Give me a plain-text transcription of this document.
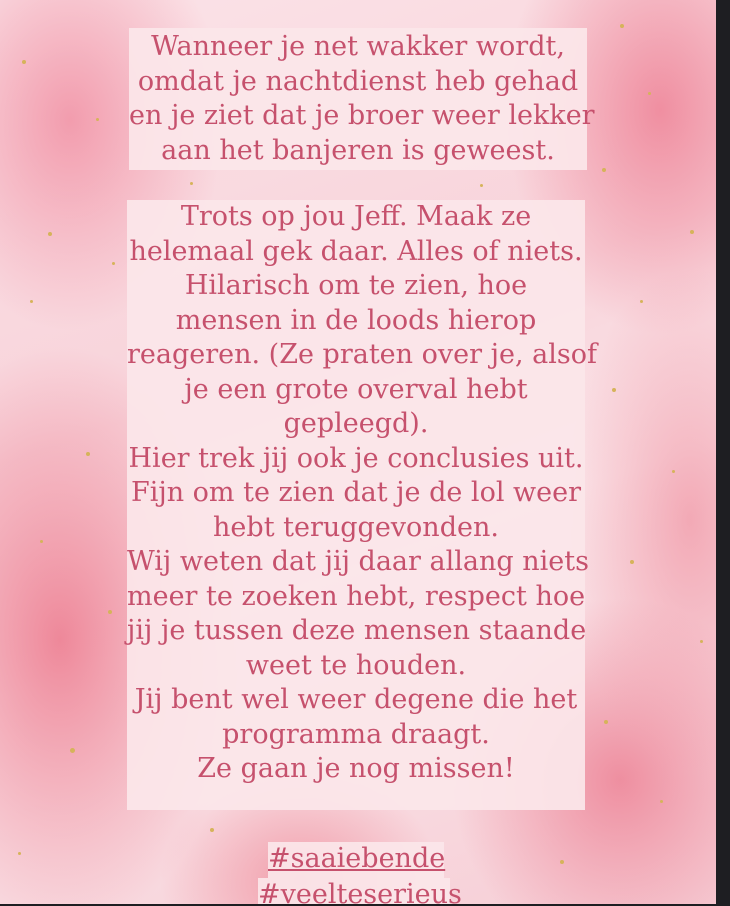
Wanneer je net wakker wordt,
omdat je nachtdienst heb gehad
en je ziet dat je broer weer lekker
aan het banjeren is geweest.
Trots op jou Jeff. Maak ze
helemaal gek daar. Alles of niets.
Hilarisch om te zien, hoe
mensen in de loods hierop
reageren. (Ze praten over je, alsof
je een grote overval hebt
gepleegd).
Hier trek jij ook je conclusies uit.
Fijn om te zien dat je de lol weer
hebt teruggevonden.
Wij weten dat jij daar allang niets
meer te zoeken hebt, respect hoe
jij je tussen deze mensen staande
weet te houden.
Jij bent wel weer degene die het
programma draagt.
Ze gaan je nog missen!
#saaiebende
#veelteserieus
